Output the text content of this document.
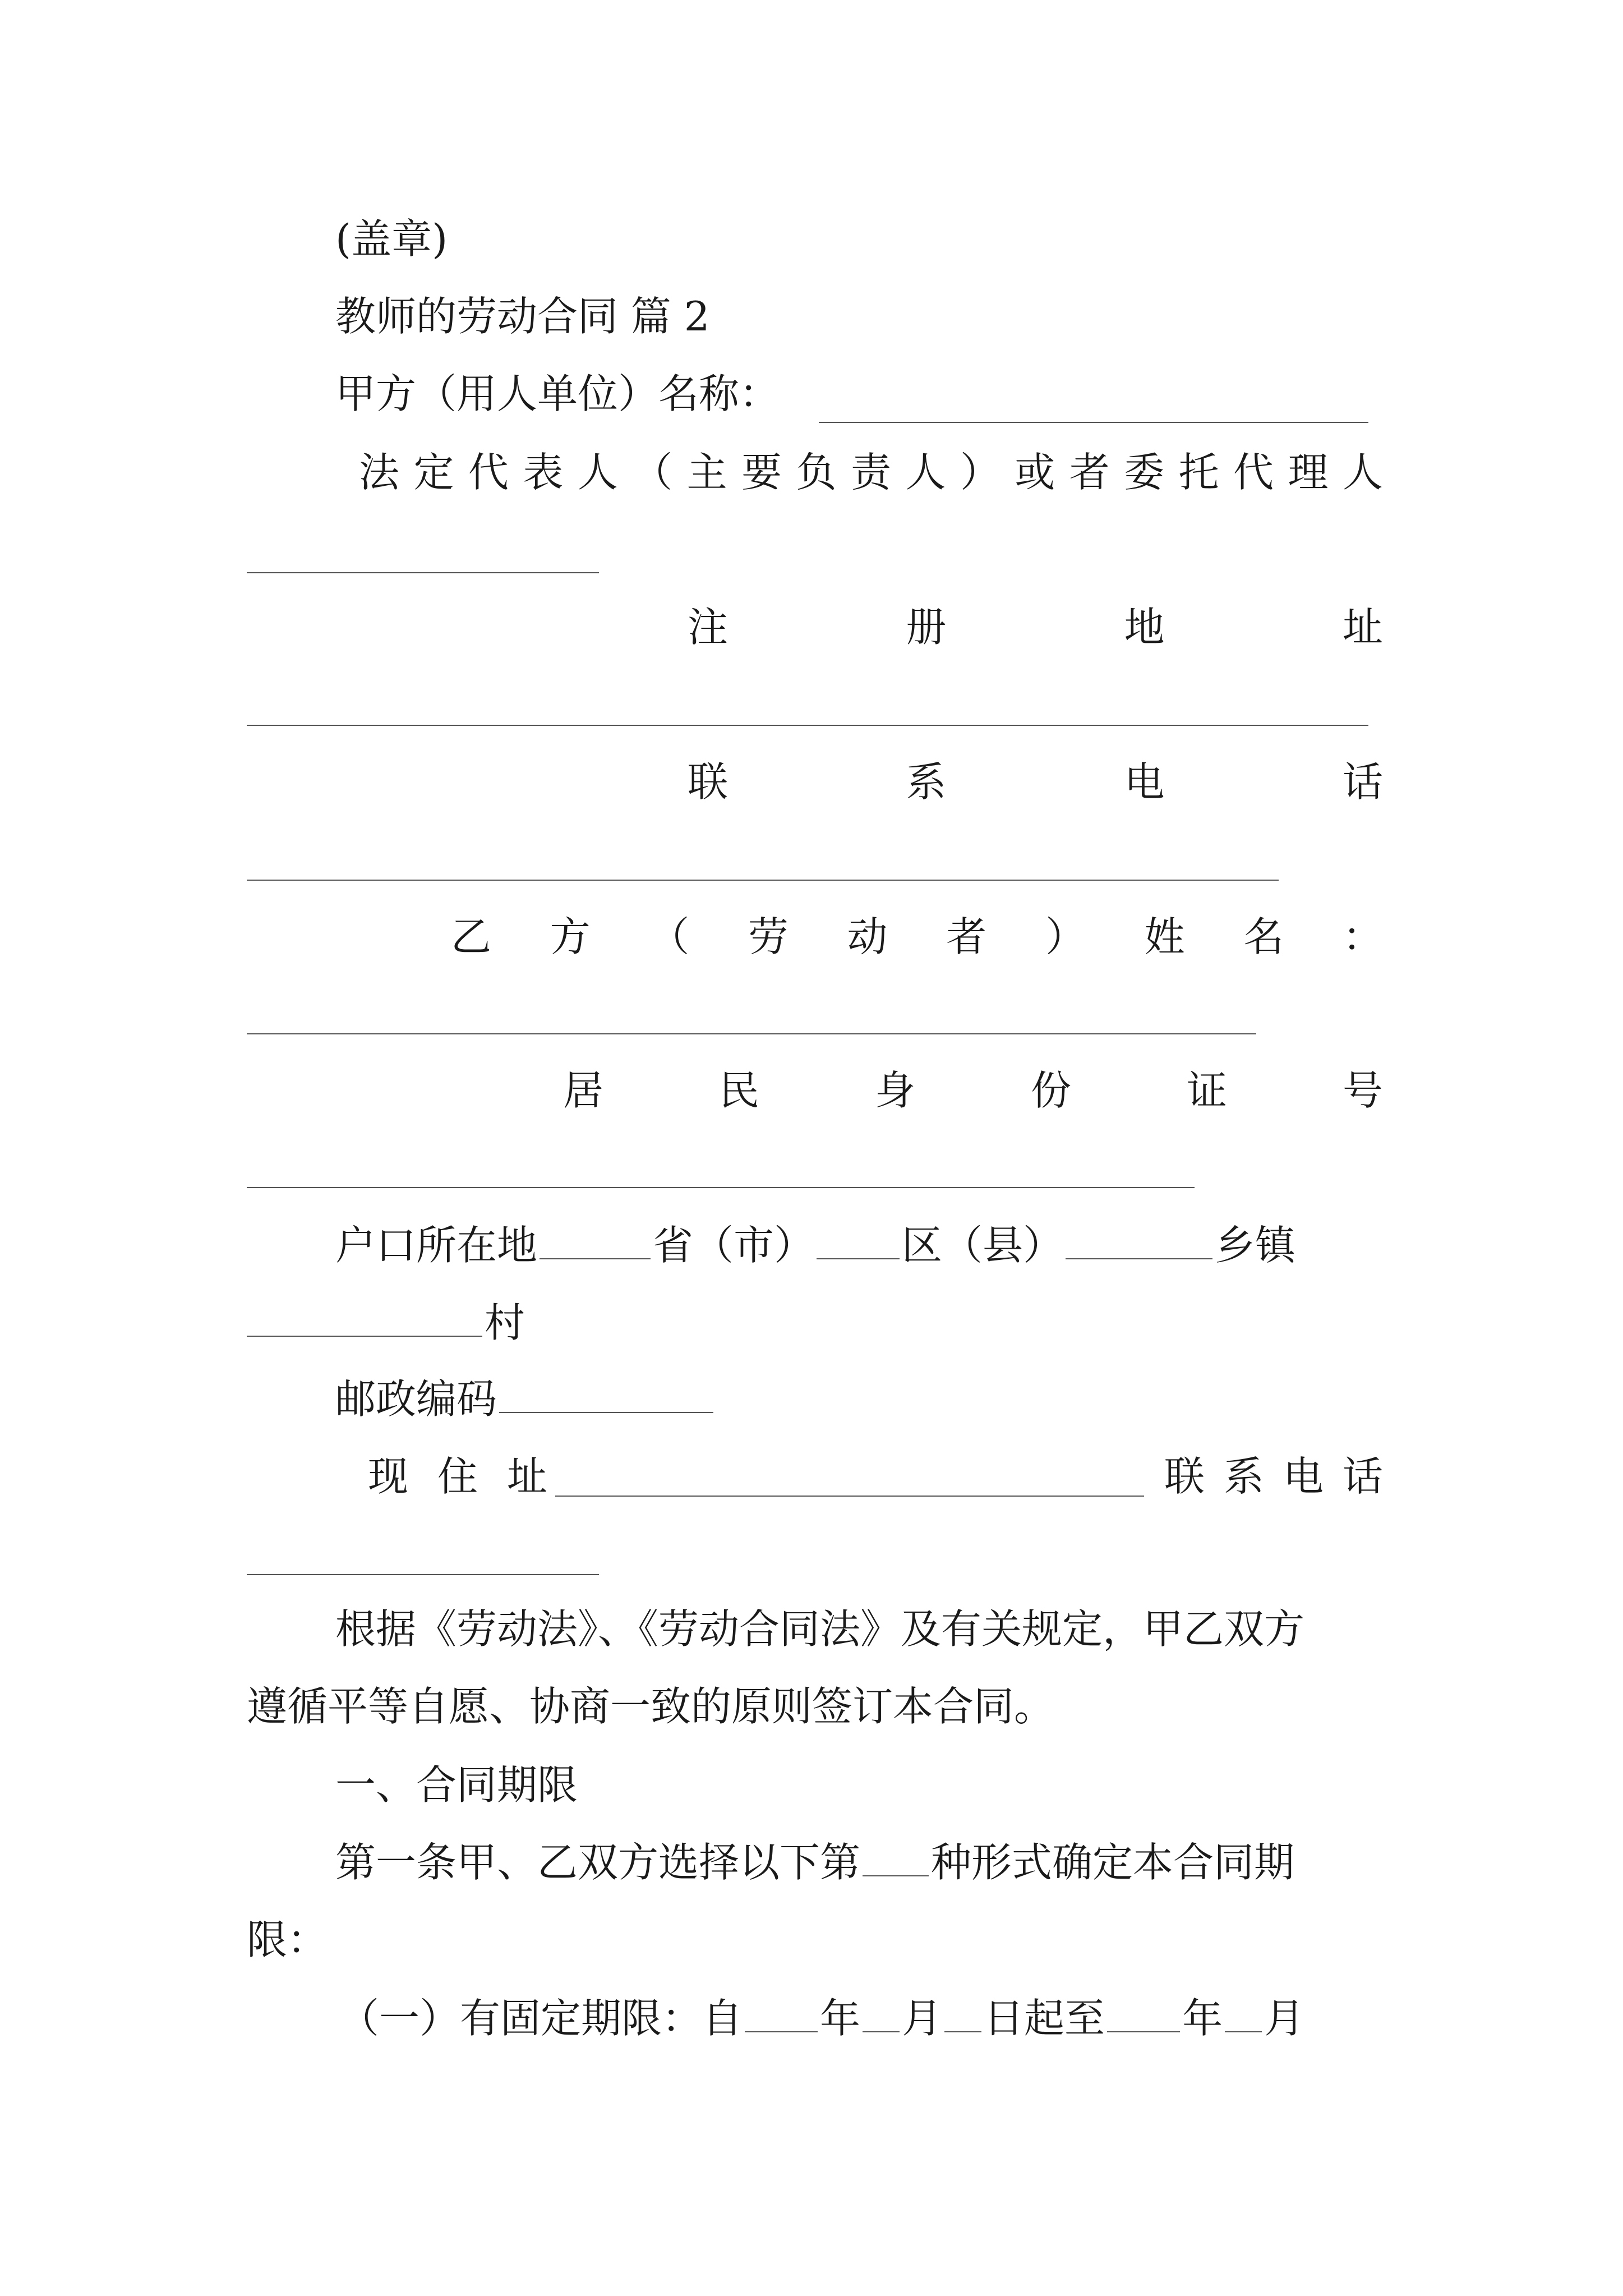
(盖章)
教师的劳动合同 篇 2
甲方（用人单位）名称：
法 定 代 表 人 （ 主 要 负 责 人 ） 或 者 委 托 代 理 人
注	册	地	址
联	系	电	话
乙 方 （ 劳 动 者 ） 姓 名 ：
居	民	身	份	证	号
户口所在地	省（市） 区（县）	乡镇
村
邮政编码
现 住 址	联 系 电 话
根据《劳动法》、《劳动合同法》及有关规定，甲乙双方
遵循平等自愿、协商一致的原则签订本合同。
一、合同期限
第一条甲、乙双方选择以下第 种形式确定本合同期
限：
（一）有固定期限：自 年 月 日起至 年 月
